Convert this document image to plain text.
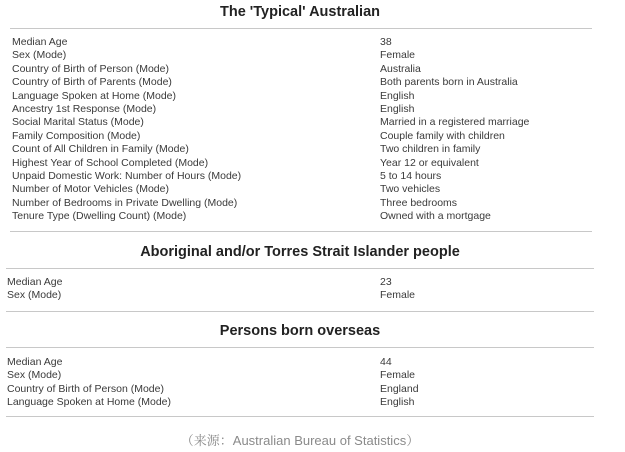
The 'Typical' Australian
Median Age	38
Sex (Mode)	Female
Country of Birth of Person (Mode)	Australia
Country of Birth of Parents (Mode)	Both parents born in Australia
Language Spoken at Home (Mode)	English
Ancestry 1st Response (Mode)	English
Social Marital Status (Mode)	Married in a registered marriage
Family Composition (Mode)	Couple family with children
Count of All Children in Family (Mode)	Two children in family
Highest Year of School Completed (Mode)	Year 12 or equivalent
Unpaid Domestic Work: Number of Hours (Mode)	5 to 14 hours
Number of Motor Vehicles (Mode)	Two vehicles
Number of Bedrooms in Private Dwelling (Mode)	Three bedrooms
Tenure Type (Dwelling Count) (Mode)	Owned with a mortgage
Aboriginal and/or Torres Strait Islander people
Median Age	23
Sex (Mode)	Female
Persons born overseas
Median Age	44
Sex (Mode)	Female
Country of Birth of Person (Mode)	England
Language Spoken at Home (Mode)	English
（来源：Australian Bureau of Statistics）
